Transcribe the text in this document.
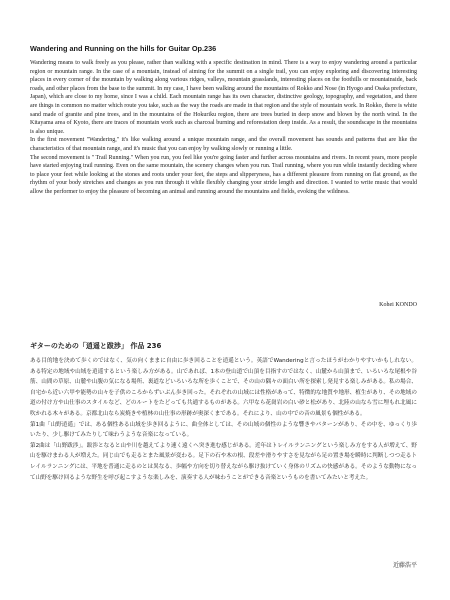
Wandering and Running on the hills for Guitar Op.236

Wandering means to walk freely as you please, rather than walking with a specific destination in mind. There is a way to enjoy wandering around a particular region or mountain range. In the case of a mountain, instead of aiming for the summit on a single trail, you can enjoy exploring and discovering interesting places in every corner of the mountain by walking along various ridges, valleys, mountain grasslands, interesting places on the foothills or mountainside, back roads, and other places from the base to the summit. In my case, I have been walking around the mountains of Rokko and Nose (in Hyogo and Osaka prefecture, Japan), which are close to my home, since I was a child. Each mountain range has its own character, distinctive geology, topography, and vegetation, and there are things in common no matter which route you take, such as the way the roads are made in that region and the style of mountain work. In Rokko, there is white sand made of granite and pine trees, and in the mountains of the Hokuriku region, there are trees buried in deep snow and blown by the north wind. In the Kitayama area of Kyoto, there are traces of mountain work such as charcoal burning and reforestation deep inside. As a result, the soundscape in the mountains is also unique.

In the first movement "Wandering," it's like walking around a unique mountain range, and the overall movement has sounds and patterns that are like the characteristics of that mountain range, and it's music that you can enjoy by walking slowly or running a little.

The second movement is " Trail Running." When you run, you feel like you're going faster and further across mountains and rivers. In recent years, more people have started enjoying trail running. Even on the same mountain, the scenery changes when you run. Trail running, where you run while instantly deciding where to place your feet while looking at the stones and roots under your feet, the steps and slipperyness, has a different pleasure from running on flat ground, as the rhythm of your body stretches and changes as you run through it while flexibly changing your stride length and direction. I wanted to write music that would allow the performer to enjoy the pleasure of becoming an animal and running around the mountains and fields, evoking the wildness.

Kohei KONDO
ギターのための「逍遥と跋渉」 作品 236

ある目的地を決めて歩くのではなく、気の向くままに自由に歩き回ることを逍遥という。英語でWanderingと言ったほうがわかりやすいかもしれない。ある特定の地域や山域を逍遥するという楽しみ方がある。山であれば、1本の登山道で山頂を目指すのではなく、山麓から山頂まで、いろいろな尾根や谷筋、山間の草原、山麓や山腹の気になる場所、裏道などいろいろな所を歩くことで、その山の隅々の面白い所を探索し発見する楽しみがある。私の場合、自宅から近い六甲や能勢の山々を子供のころからずいぶん歩き回った。それぞれの山域には性格があって、特徴的な地質や地形、植生があり、その地域の道の付け方や山仕事のスタイルなど、どのルートをたどっても共通するものがある。六甲なら花崗岩の白い砂と松があり、北陸の山なら雪に埋もれ北風に吹かれる木々がある。京都北山なら炭焼きや植林の山仕事の形跡が奥深くまである。それにより、山の中での音の風景も個性がある。

第1曲「山野逍遥」では、ある個性ある山域を歩き回るように、曲全体としては、その山域の個性のような響きやパターンがあり、その中を、ゆっくり歩いたり、少し駆けてみたりして味わうような音楽になっている。

第2曲は「山野跋渉」。跋渉となると山や川を越えてより速く遠くへ突き進む感じがある。近年はトレイルランニングという楽しみ方をする人が増えて、野山を駆けまわる人が増えた。同じ山でも走るとまた風景が変わる。足下の石や木の根、段差や滑りやすさを見ながら足の置き場を瞬時に判断しつつ走るトレイルランニングには、平地を普通に走るのとは異なる、歩幅や方向を切り替えながら駆け抜けていく身体のリズムの快感がある。そのような動物になって山野を駆け回るような野生を呼び起こすような楽しみを、演奏する人が味わうことができる音楽というものを書いてみたいと考えた。

近藤浩平
